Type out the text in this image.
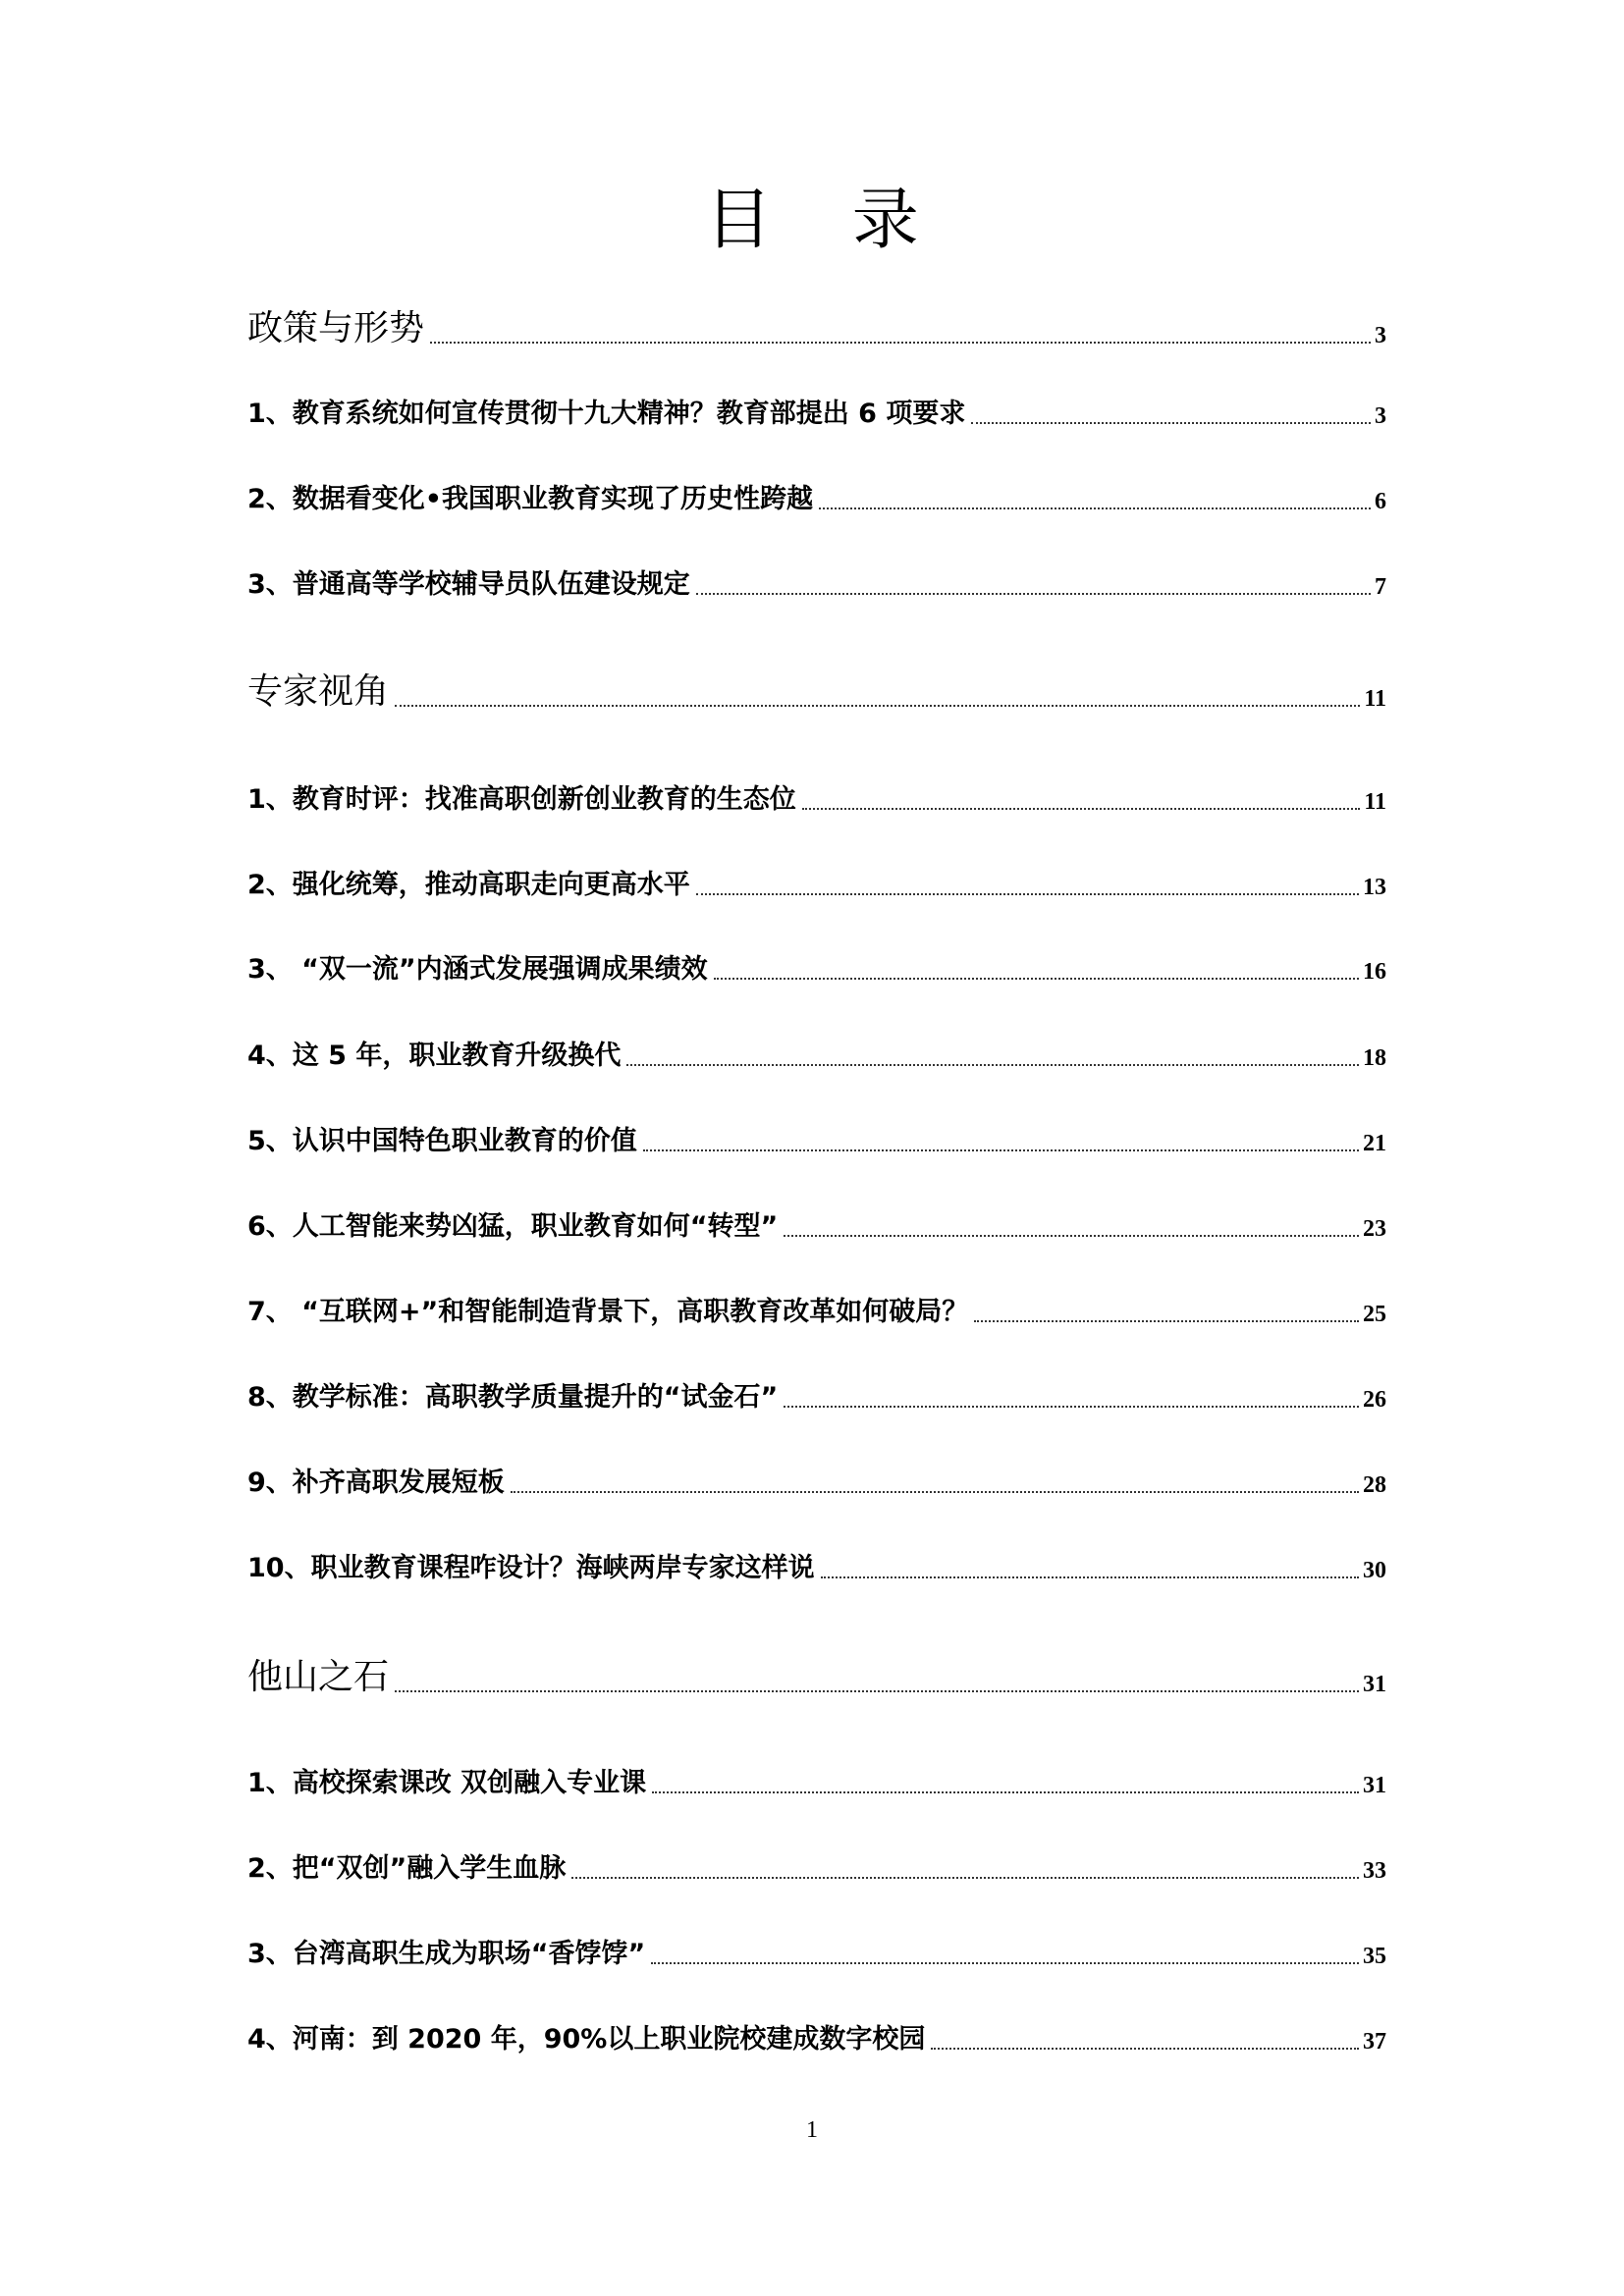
目 录
政策与形势	3
1、教育系统如何宣传贯彻十九大精神？教育部提出 6 项要求	3
2、数据看变化•我国职业教育实现了历史性跨越	6
3、普通高等学校辅导员队伍建设规定	7
专家视角	11
1、教育时评：找准高职创新创业教育的生态位	11
2、强化统筹，推动高职走向更高水平	13
3、 “双一流”内涵式发展强调成果绩效	16
4、这 5 年，职业教育升级换代	18
5、认识中国特色职业教育的价值	21
6、人工智能来势凶猛，职业教育如何“转型”	23
7、 “互联网+”和智能制造背景下，高职教育改革如何破局？	25
8、教学标准：高职教学质量提升的“试金石”	26
9、补齐高职发展短板	28
10、职业教育课程咋设计？海峡两岸专家这样说	30
他山之石	31
1、高校探索课改 双创融入专业课	31
2、把“双创”融入学生血脉	33
3、台湾高职生成为职场“香饽饽”	35
4、河南：到 2020 年，90%以上职业院校建成数字校园	37
1
